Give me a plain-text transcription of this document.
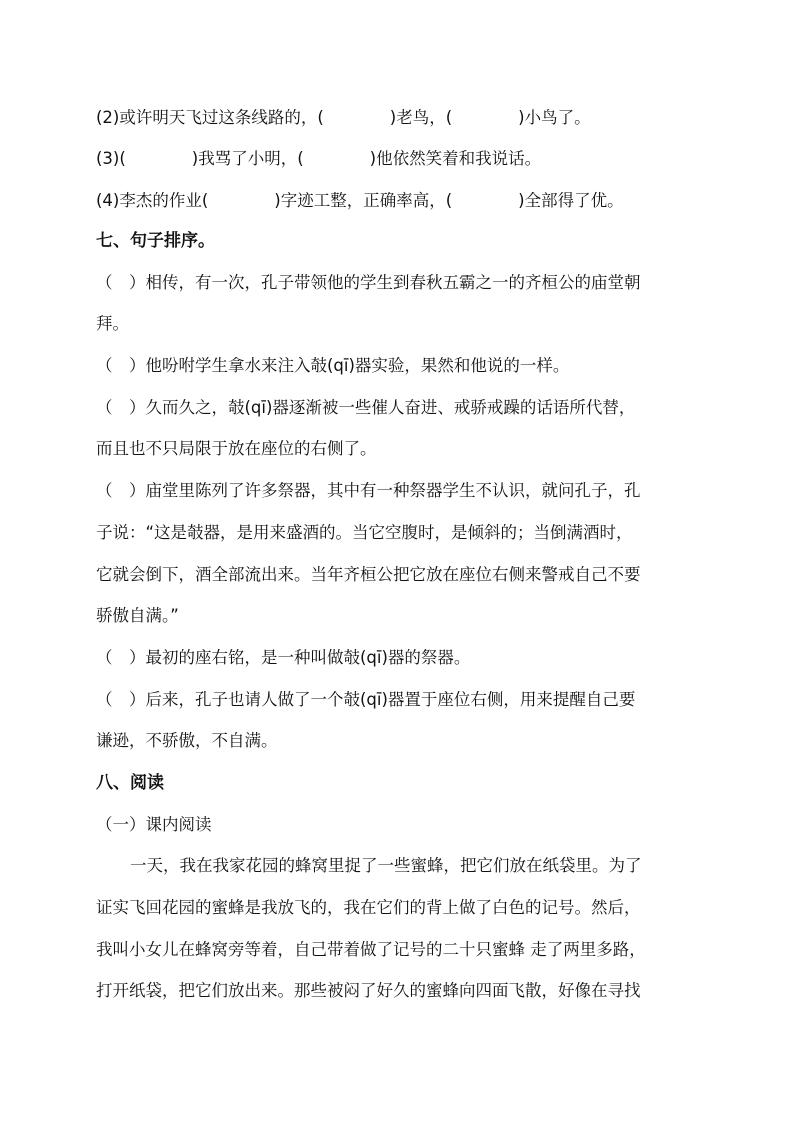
(2)或许明天飞过这条线路的，(　　　　)老鸟，(　　　　)小鸟了。
(3)(　　　　)我骂了小明，(　　　　)他依然笑着和我说话。
(4)李杰的作业(　　　　)字迹工整，正确率高，(　　　　)全部得了优。
七、句子排序。
（　）相传，有一次，孔子带领他的学生到春秋五霸之一的齐桓公的庙堂朝
拜。
（　）他吩咐学生拿水来注入攲(qī)器实验，果然和他说的一样。
（　）久而久之，攲(qī)器逐渐被一些催人奋进、戒骄戒躁的话语所代替，
而且也不只局限于放在座位的右侧了。
（　）庙堂里陈列了许多祭器，其中有一种祭器学生不认识，就问孔子，孔
子说：“这是攲器，是用来盛酒的。当它空腹时，是倾斜的；当倒满酒时，
它就会倒下，酒全部流出来。当年齐桓公把它放在座位右侧来警戒自己不要
骄傲自满。”
（　）最初的座右铭，是一种叫做攲(qī)器的祭器。
（　）后来，孔子也请人做了一个攲(qī)器置于座位右侧，用来提醒自己要
谦逊，不骄傲，不自满。
八、阅读
（一）课内阅读
一天，我在我家花园的蜂窝里捉了一些蜜蜂，把它们放在纸袋里。为了
证实飞回花园的蜜蜂是我放飞的，我在它们的背上做了白色的记号。然后，
我叫小女儿在蜂窝旁等着，自己带着做了记号的二十只蜜蜂 走了两里多路，
打开纸袋，把它们放出来。那些被闷了好久的蜜蜂向四面飞散，好像在寻找
